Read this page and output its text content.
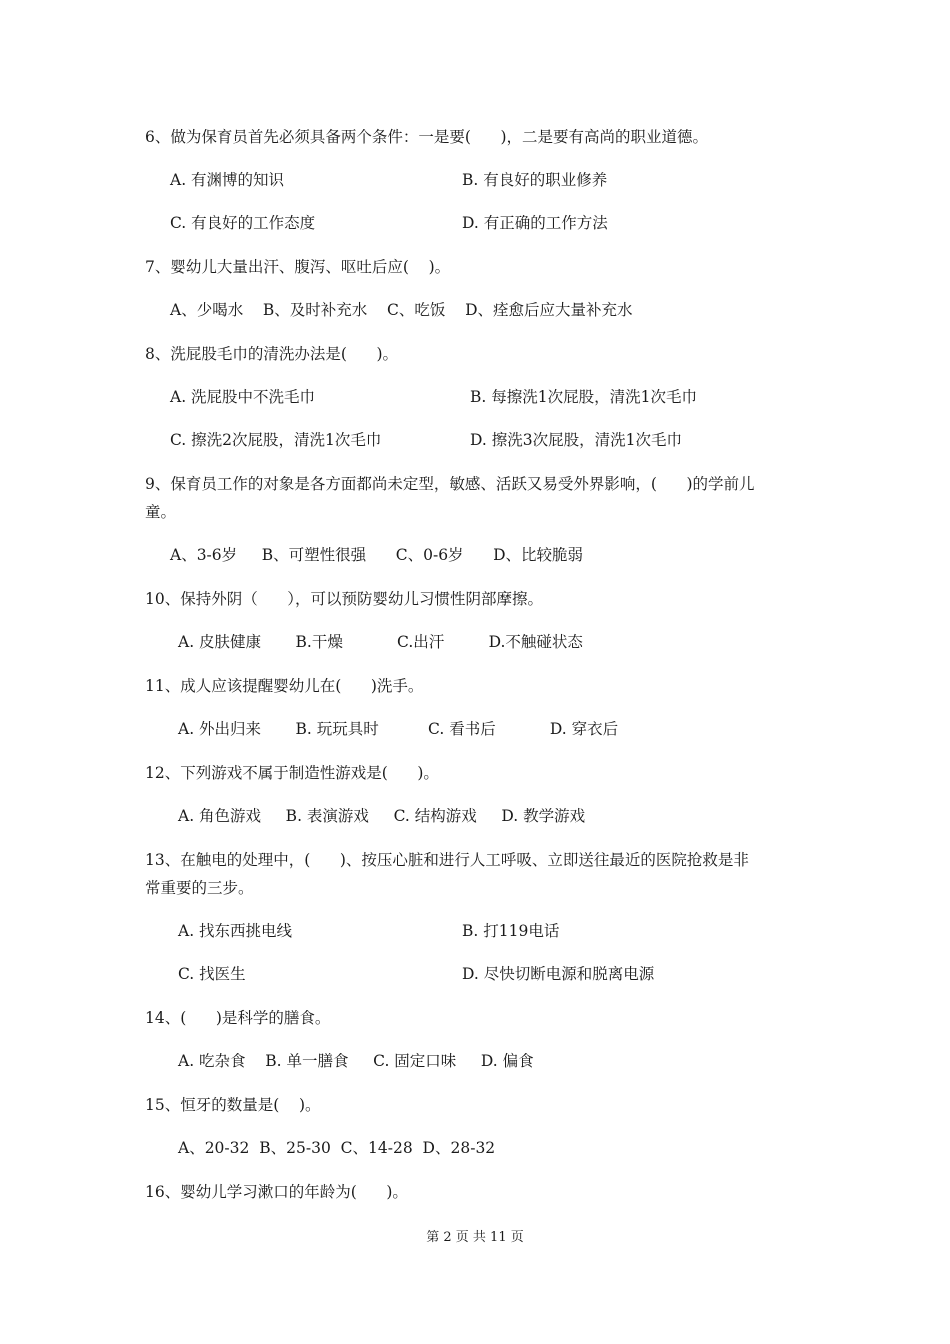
6、做为保育员首先必须具备两个条件：一是要(      )，二是要有高尚的职业道德。
A. 有渊博的知识	B. 有良好的职业修养
C. 有良好的工作态度	D. 有正确的工作方法
7、婴幼儿大量出汗、腹泻、呕吐后应(    )。
A、少喝水    B、及时补充水    C、吃饭    D、痊愈后应大量补充水
8、洗屁股毛巾的清洗办法是(      )。
A. 洗屁股中不洗毛巾	B. 每擦洗1次屁股，清洗1次毛巾
C. 擦洗2次屁股，清洗1次毛巾	D. 擦洗3次屁股，清洗1次毛巾
9、保育员工作的对象是各方面都尚未定型，敏感、活跃又易受外界影响，(      )的学前儿
童。
A、3-6岁     B、可塑性很强      C、0-6岁      D、比较脆弱
10、保持外阴（      ），可以预防婴幼儿习惯性阴部摩擦。
A. 皮肤健康       B.干燥           C.出汗         D.不触碰状态
11、成人应该提醒婴幼儿在(      )洗手。
A. 外出归来       B. 玩玩具时          C. 看书后           D. 穿衣后
12、下列游戏不属于制造性游戏是(      )。
A. 角色游戏     B. 表演游戏     C. 结构游戏     D. 教学游戏
13、在触电的处理中，(      )、按压心脏和进行人工呼吸、立即送往最近的医院抢救是非
常重要的三步。
A. 找东西挑电线	B. 打119电话
C. 找医生	D. 尽快切断电源和脱离电源
14、(      )是科学的膳食。
A. 吃杂食    B. 单一膳食     C. 固定口味     D. 偏食
15、恒牙的数量是(    )。
A、20-32  B、25-30  C、14-28  D、28-32
16、婴幼儿学习漱口的年龄为(      )。
第 2 页 共 11 页
